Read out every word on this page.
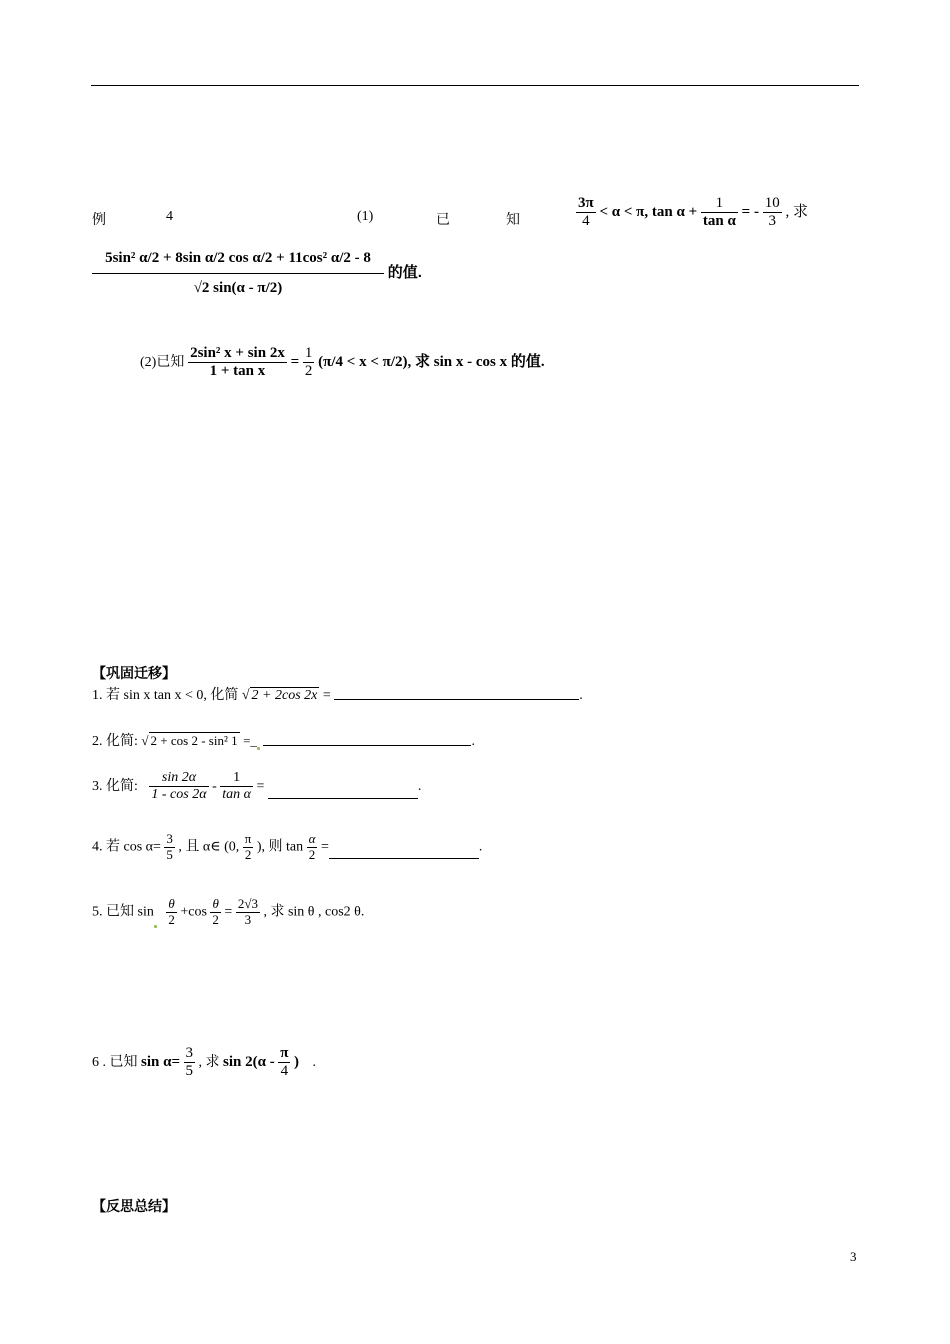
例	4	(1)	已	知	$\frac{3\pi}{4} < \alpha < \pi$, $\tan \alpha + \frac{1}{\text{tan α}}$ = - $\frac{10}{3}$ , 求
$\frac{\text{5sin² α/2 + 8sin α/2 cos α/2 + 11cos² α/2 - 8}}{√2 \sin(\alpha - \pi/2)}$ 的值.
(2)已知 $\frac{\text{2sin² x + sin 2x}}{\text{1 + tan x}} = \frac{1}{2} (\pi/4 < x < \pi/2)$, 求 sin x - cos x 的值.
【巩固迁移】
1. 若 sin x tan x < 0, 化简 √ 2 + 2cos 2x =	.
2. 化简: √ 2 + cos 2 - sin² 1 =_	.
3. 化简: $\frac{\sin 2\alpha}{1 - \cos 2\alpha} - \frac{1}{\text{tan α}}$ =	.
4. 若 $\cos \alpha= \frac{3}{5}$ , 且 α∈ (0, $\frac{\pi}{2}$ ), 则 $\tan \frac{\alpha}{2}$ =	.
5. 已知 $\sin \frac{\theta}{2} +\cos \frac{\theta}{2} = \frac{2√3}{3}$ , 求 sin θ , cos2 θ.
6 . 已知 $\sin \alpha= \frac{3}{5}$ , 求 $\sin 2(\alpha - \frac{\pi}{4}$ ) .
【反思总结】
3
